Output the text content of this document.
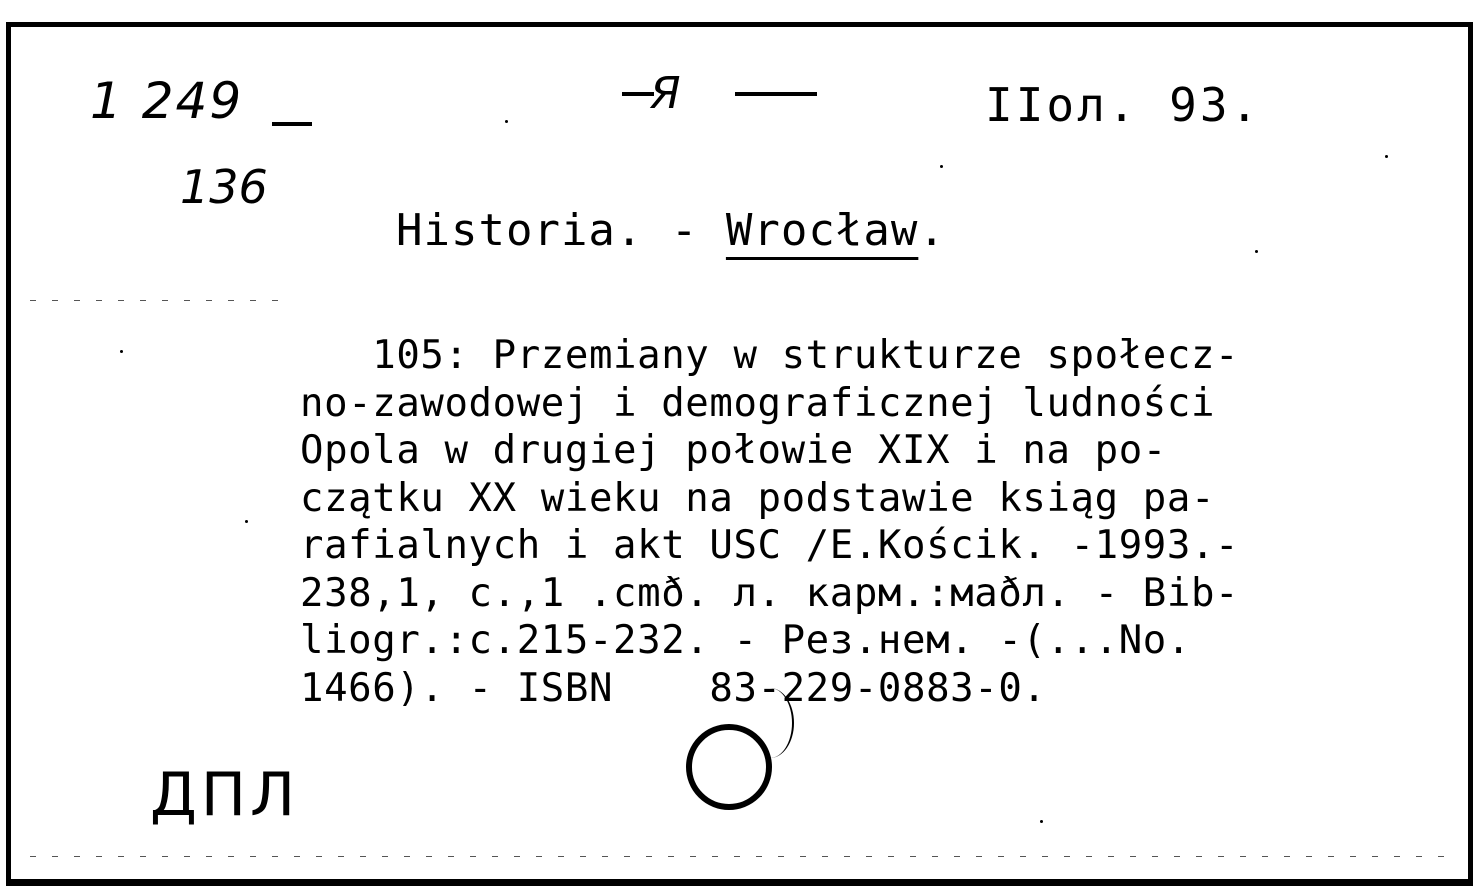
1 249
136
Я	IIол. 93.
Historia. - Wrocław.
105: Przemiany w strukturze społecz-
no-zawodowej i demograficznej ludności
Opola w drugiej połowie XIX i na po-
czątku XX wieku na podstawie ksiąg pa-
rafialnych i akt USC /E.Kościk. -1993.-
238,1, с.,1 .cmð. л. карм.:маðл. - Bib-
liogr.:c.215-232. - Рез.нем. -(...No.
1466). - ISBN    83-229-0883-0.
ДПЛ
